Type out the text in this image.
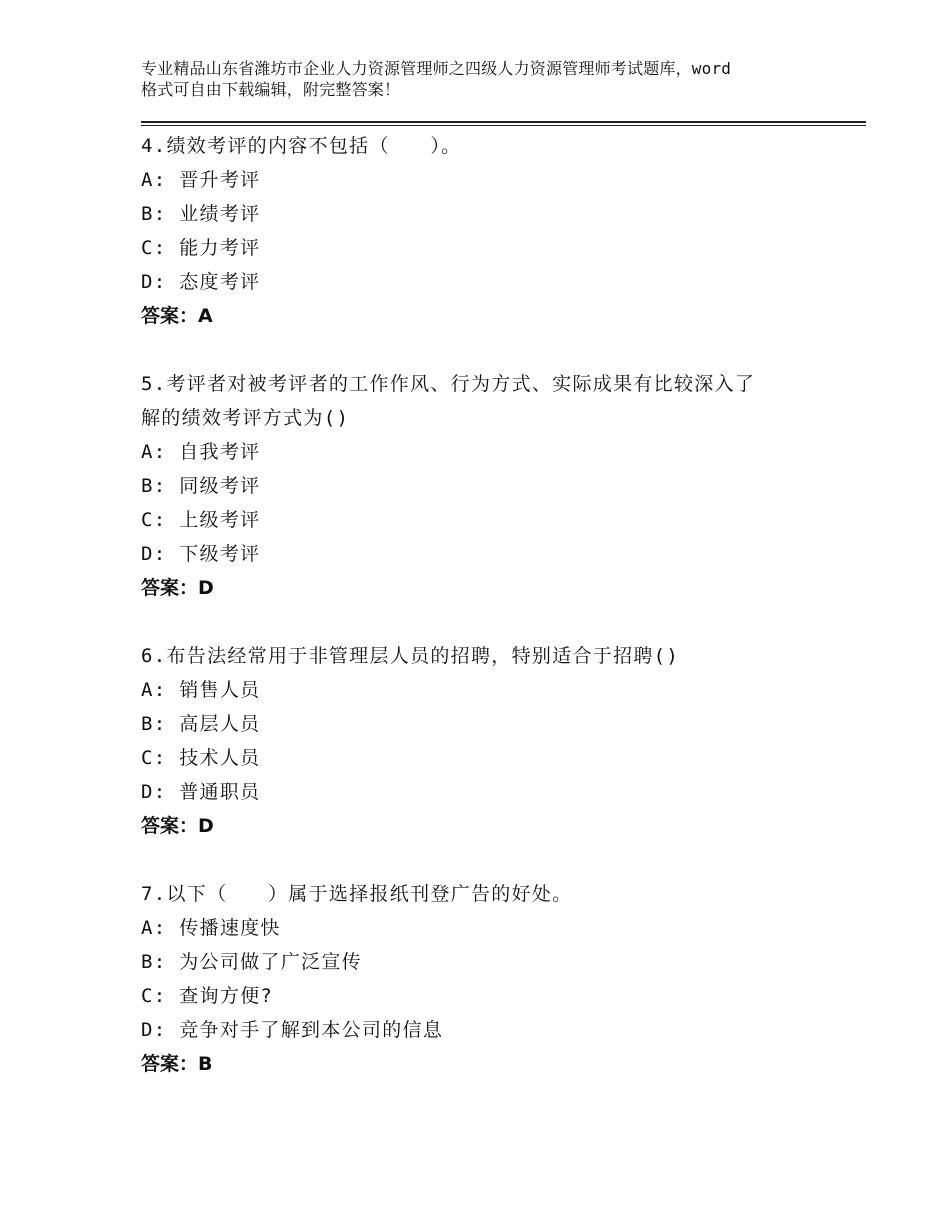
专业精品山东省潍坊市企业人力资源管理师之四级人力资源管理师考试题库，word
格式可自由下载编辑，附完整答案！
4.绩效考评的内容不包括（　　）。
A: 晋升考评
B: 业绩考评
C: 能力考评
D: 态度考评
答案：A
5.考评者对被考评者的工作作风、行为方式、实际成果有比较深入了
解的绩效考评方式为()
A: 自我考评
B: 同级考评
C: 上级考评
D: 下级考评
答案：D
6.布告法经常用于非管理层人员的招聘，特别适合于招聘()
A: 销售人员
B: 高层人员
C: 技术人员
D: 普通职员
答案：D
7.以下（　　）属于选择报纸刊登广告的好处。
A: 传播速度快
B: 为公司做了广泛宣传
C: 查询方便?
D: 竞争对手了解到本公司的信息
答案：B
